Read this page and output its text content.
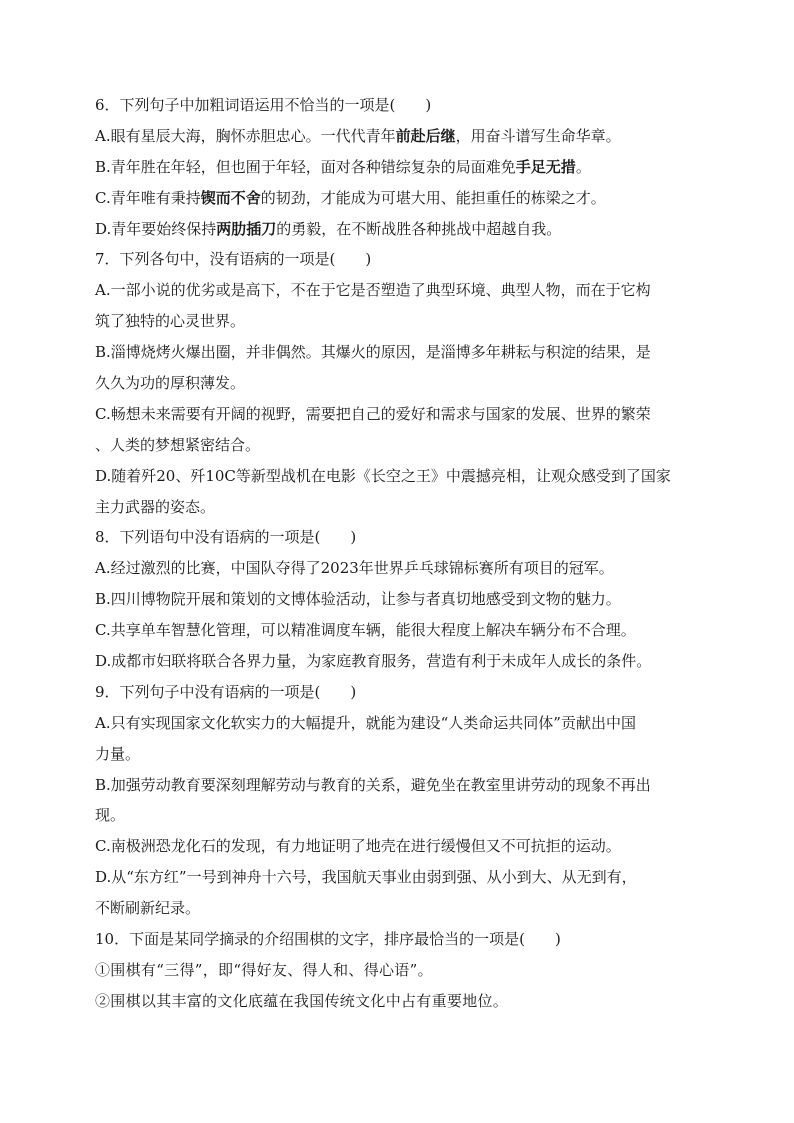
6．下列句子中加粗词语运用不恰当的一项是(　　)
A.眼有星辰大海，胸怀赤胆忠心。一代代青年前赴后继，用奋斗谱写生命华章。
B.青年胜在年轻，但也囿于年轻，面对各种错综复杂的局面难免手足无措。
C.青年唯有秉持锲而不舍的韧劲，才能成为可堪大用、能担重任的栋梁之才。
D.青年要始终保持两肋插刀的勇毅，在不断战胜各种挑战中超越自我。
7．下列各句中，没有语病的一项是(　　)
A.一部小说的优劣或是高下，不在于它是否塑造了典型环境、典型人物，而在于它构
筑了独特的心灵世界。
B.淄博烧烤火爆出圈，并非偶然。其爆火的原因，是淄博多年耕耘与积淀的结果，是
久久为功的厚积薄发。
C.畅想未来需要有开阔的视野，需要把自己的爱好和需求与国家的发展、世界的繁荣
、人类的梦想紧密结合。
D.随着歼20、歼10C等新型战机在电影《长空之王》中震撼亮相，让观众感受到了国家
主力武器的姿态。
8．下列语句中没有语病的一项是(　　)
A.经过激烈的比赛，中国队夺得了2023年世界乒乓球锦标赛所有项目的冠军。
B.四川博物院开展和策划的文博体验活动，让参与者真切地感受到文物的魅力。
C.共享单车智慧化管理，可以精准调度车辆，能很大程度上解决车辆分布不合理。
D.成都市妇联将联合各界力量，为家庭教育服务，营造有利于未成年人成长的条件。
9．下列句子中没有语病的一项是(　　)
A.只有实现国家文化软实力的大幅提升，就能为建设“人类命运共同体”贡献出中国
力量。
B.加强劳动教育要深刻理解劳动与教育的关系，避免坐在教室里讲劳动的现象不再出
现。
C.南极洲恐龙化石的发现，有力地证明了地壳在进行缓慢但又不可抗拒的运动。
D.从“东方红”一号到神舟十六号，我国航天事业由弱到强、从小到大、从无到有，
不断刷新纪录。
10．下面是某同学摘录的介绍围棋的文字，排序最恰当的一项是(　　)
①围棋有“三得”，即“得好友、得人和、得心语”。
②围棋以其丰富的文化底蕴在我国传统文化中占有重要地位。
